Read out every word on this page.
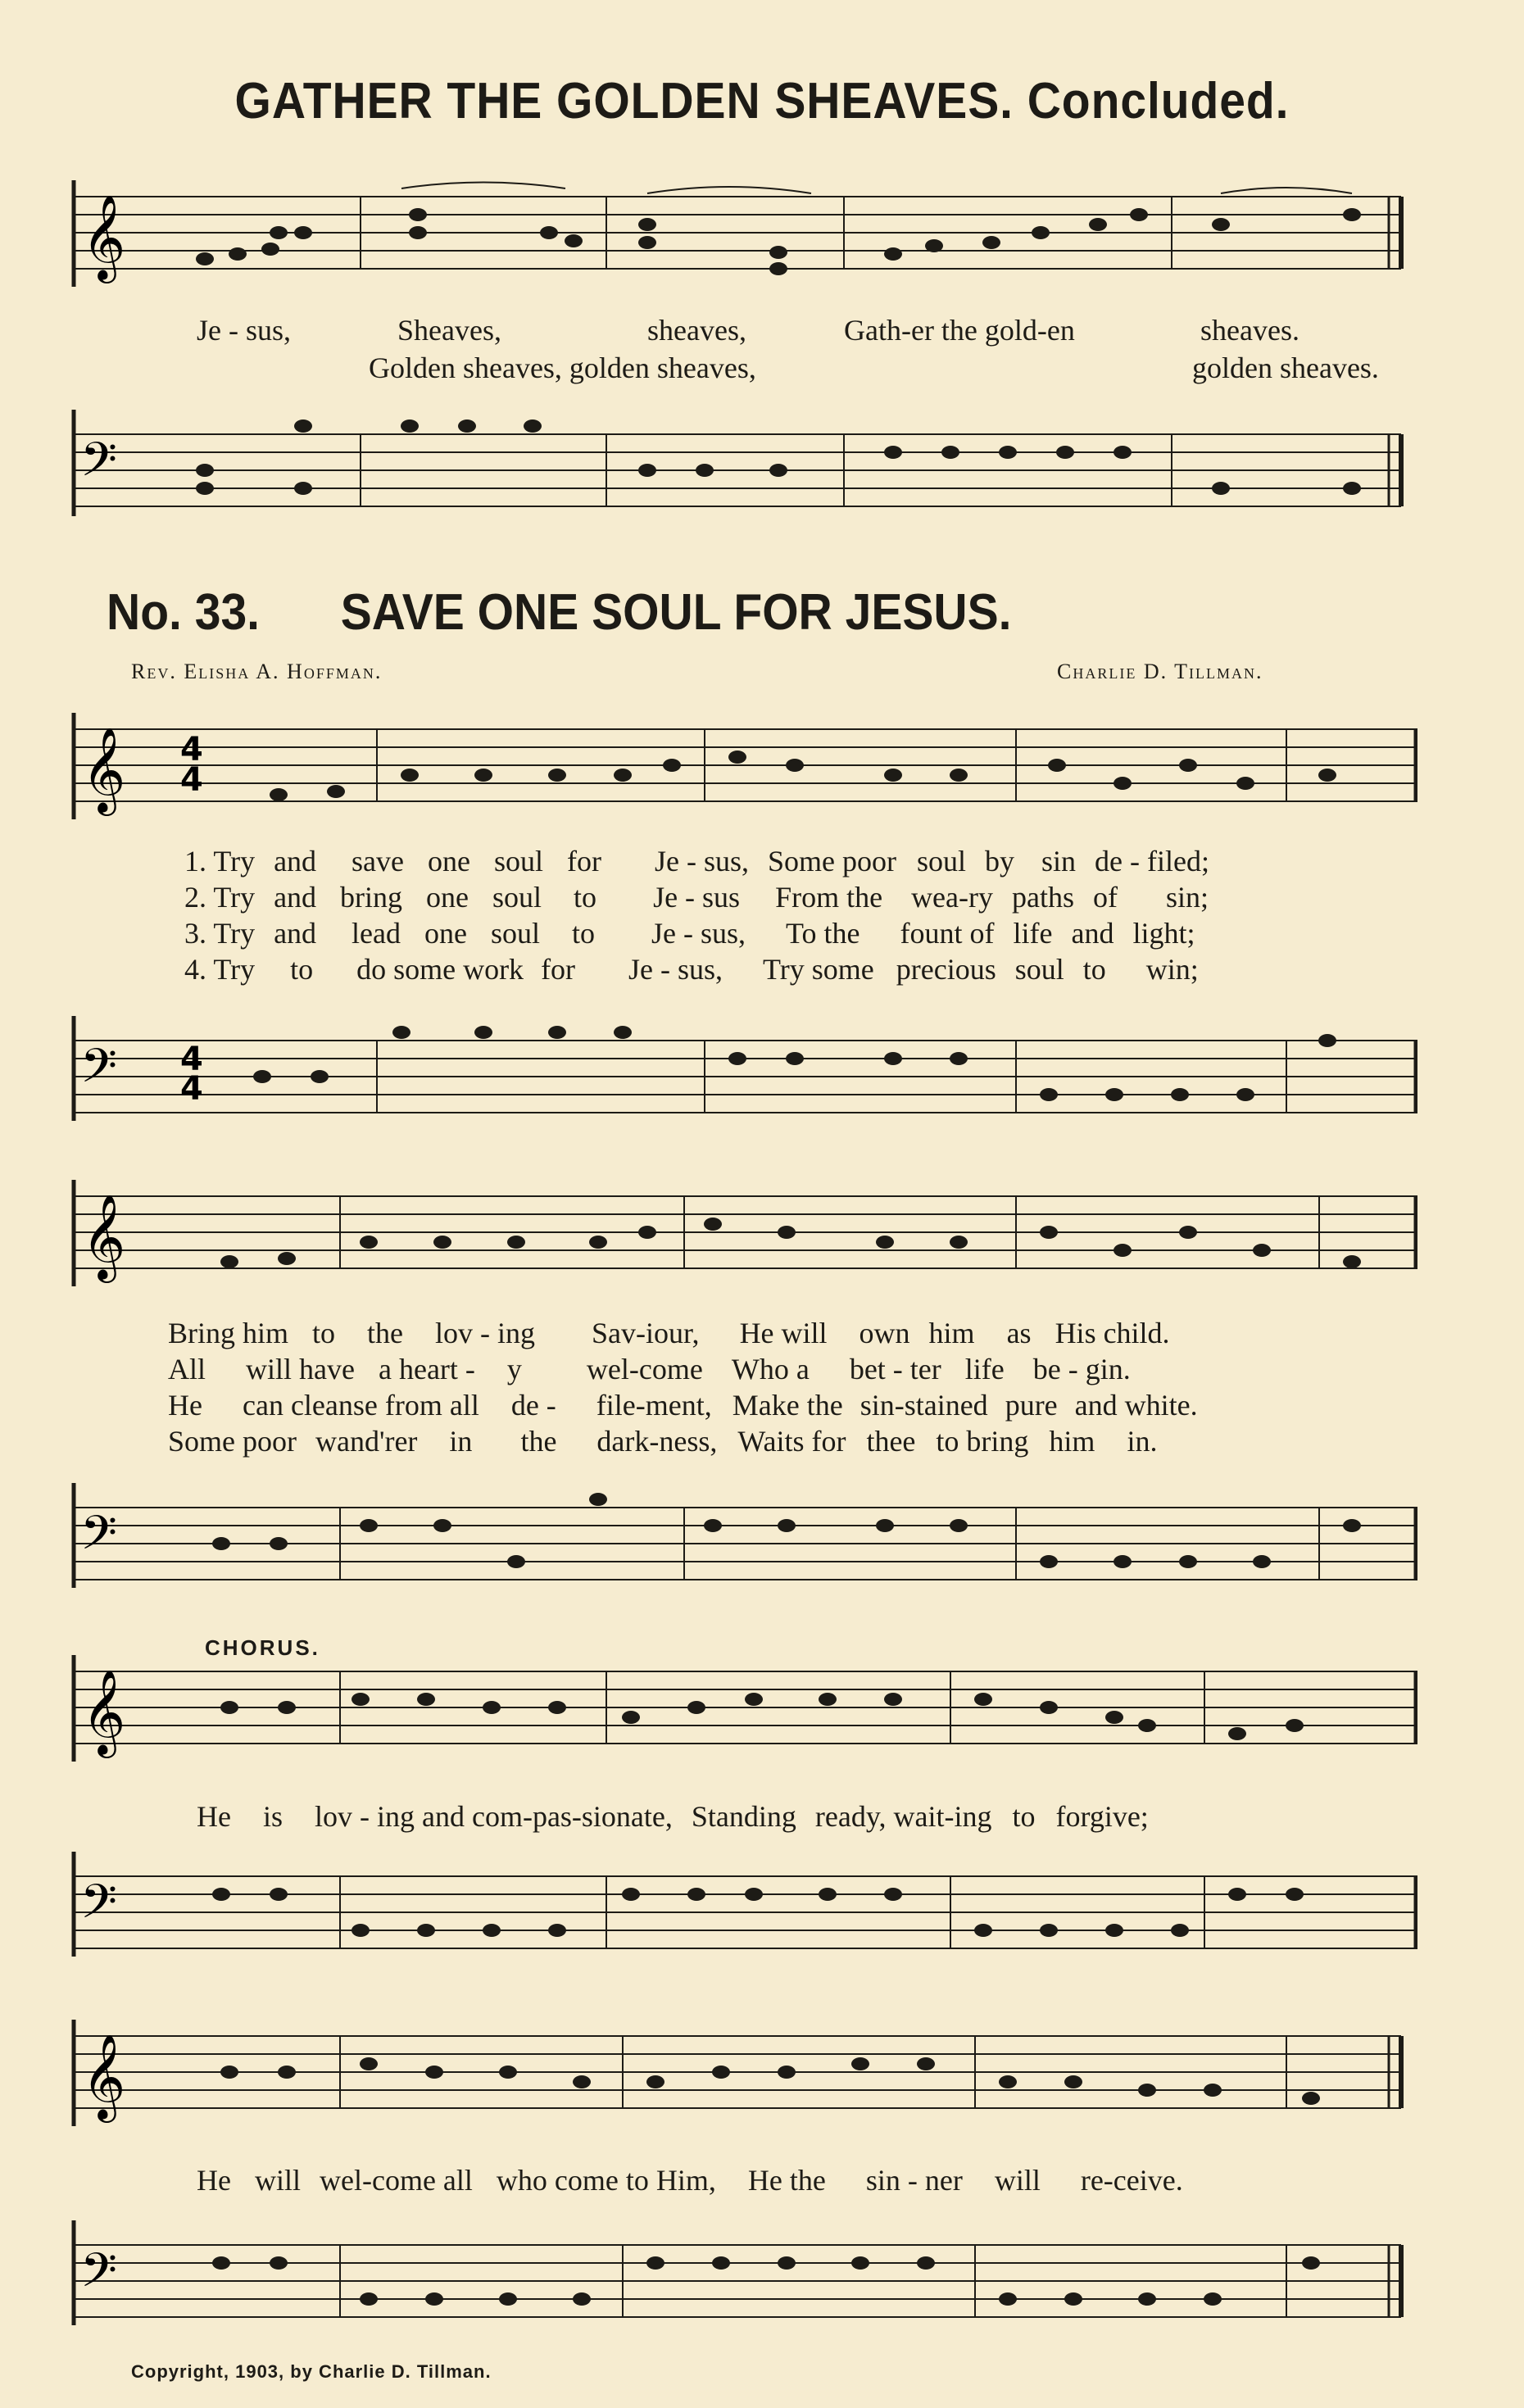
GATHER THE GOLDEN SHEAVES. Concluded.
𝄞
Je - sus,	Sheaves,	sheaves,	Gath-er the gold-en	sheaves.
Golden sheaves, golden sheaves,	golden sheaves.
𝄢
No. 33. SAVE ONE SOUL FOR JESUS.
Rev. Elisha A. Hoffman.	Charlie D. Tillman.
𝄞 4
4
1. Try and save one soul for Je - sus, Some poor soul by sin de - filed;
2. Try and bring one soul to Je - sus From the wea-ry paths of sin;
3. Try and lead one soul to Je - sus, To the fount of life and light;
4. Try to do some work for Je - sus, Try some precious soul to win;
𝄢 4
4
𝄞
Bring him to the lov - ing Sav-iour, He will own him as His child.
All will have a heart - y wel-come Who a bet - ter life be - gin.
He can cleanse from all de - file-ment, Make the sin-stained pure and white.
Some poor wand'rer in the dark-ness, Waits for thee to bring him in.
𝄢
CHORUS.
𝄞
He is lov - ing and com-pas-sionate, Standing ready, wait-ing to forgive;
𝄢
𝄞
He will wel-come all who come to Him, He the sin - ner will re-ceive.
𝄢
Copyright, 1903, by Charlie D. Tillman.
